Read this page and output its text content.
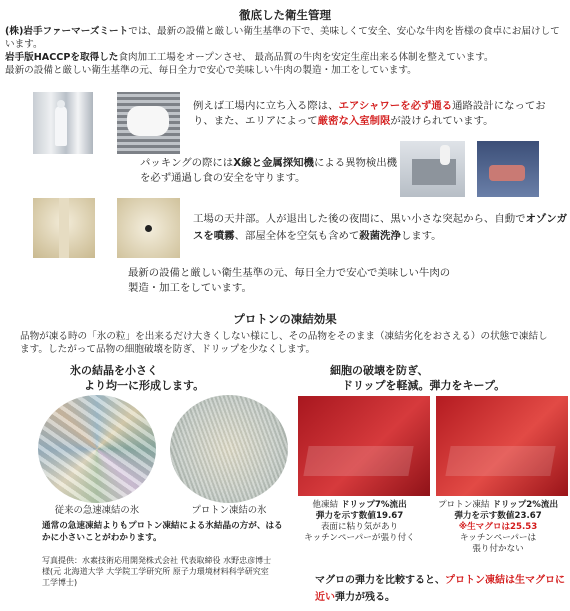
徹底した衛生管理
(株)岩手ファーマーズミートでは、最新の設備と厳しい衛生基準の下で、美味しくて安全、安心な牛肉を皆様の食卓にお届けしています。
岩手版HACCPを取得した食肉加工工場をオープンさせ、 最高品質の牛肉を安定生産出来る体制を整えています。
最新の設備と厳しい衛生基準の元、毎日全力で安心で美味しい牛肉の製造・加工をしています。
例えば工場内に立ち入る際は、エアシャワーを必ず通る通路設計になっており、また、エリアによって厳密な入室制限が設けられています。
パッキングの際にはX線と金属探知機による異物検出機を必ず通過し食の安全を守ります。
工場の天井部。人が退出した後の夜間に、黒い小さな突起から、自動でオゾンガスを噴霧、部屋全体を空気も含めて殺菌洗浄します。
最新の設備と厳しい衛生基準の元、毎日全力で安心で美味しい牛肉の製造・加工をしています。
プロトンの凍結効果
品物が凍る時の「氷の粒」を出来るだけ大きくしない様にし、その品物をそのまま（凍結劣化をおさえる）の状態で凍結します。したがって品物の細胞破壊を防ぎ、ドリップを少なくします。
氷の結晶を小さく
より均一に形成します。
従来の急速凍結の氷	プロトン凍結の氷
通常の急速凍結よりもプロトン凍結による氷結晶の方が、はるかに小さいことがわかります。
写真提供：水素技術応用開発株式会社 代表取締役 水野忠彦博士様(元 北海道大学 大学院工学研究所 原子力環境材料科学研究室 工学博士)
細胞の破壊を防ぎ、
ドリップを軽減。弾力をキープ。
他凍結 ドリップ7%流出
弾力を示す数値19.67
表面に粘り気があり
キッチンペーパーが張り付く
プロトン凍結 ドリップ2%流出
弾力を示す数値23.67
※生マグロは25.53
キッチンペーパーは
張り付かない
マグロの弾力を比較すると、プロトン凍結は生マグロに近い弾力が残る。
